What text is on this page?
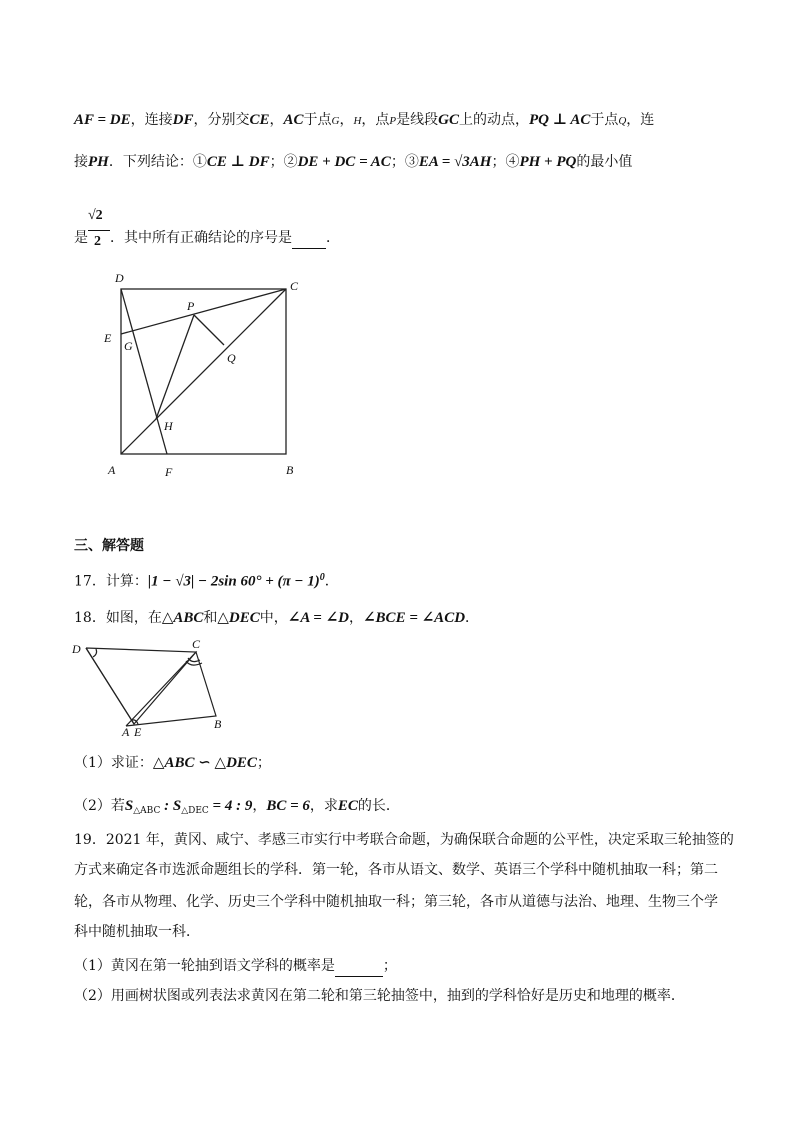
AF = DE，连接DF，分别交CE，AC于点G，H，点P是线段GC上的动点，PQ ⊥ AC于点Q，连
接PH．下列结论：①CE ⊥ DF；②DE + DC = AC；③EA = √3AH；④PH + PQ的最小值
是 $\frac{√2}{2}$ ．其中所有正确结论的序号是 ．
D
C
E
G
P
Q
H
A	F	B
三、解答题
17．计算：|1 − √3| − 2sin $60^\circ + (\pi - 1)^0$．
18．如图，在△ABC和△DEC中，∠A = ∠D，∠BCE = ∠ACD．
D	C
A E
B
（1）求证：△ABC ∽ △DEC；
（2）若$S_{\triangle ABC}$ : $S_{\triangle DEC} = 4$ : 9，BC = 6，求EC的长．
19．2021 年，黄冈、咸宁、孝感三市实行中考联合命题，为确保联合命题的公平性，决定采取三轮抽签的
方式来确定各市选派命题组长的学科．第一轮，各市从语文、数学、英语三个学科中随机抽取一科；第二
轮，各市从物理、化学、历史三个学科中随机抽取一科；第三轮，各市从道德与法治、地理、生物三个学
科中随机抽取一科．
（1）黄冈在第一轮抽到语文学科的概率是	；
（2）用画树状图或列表法求黄冈在第二轮和第三轮抽签中，抽到的学科恰好是历史和地理的概率．
